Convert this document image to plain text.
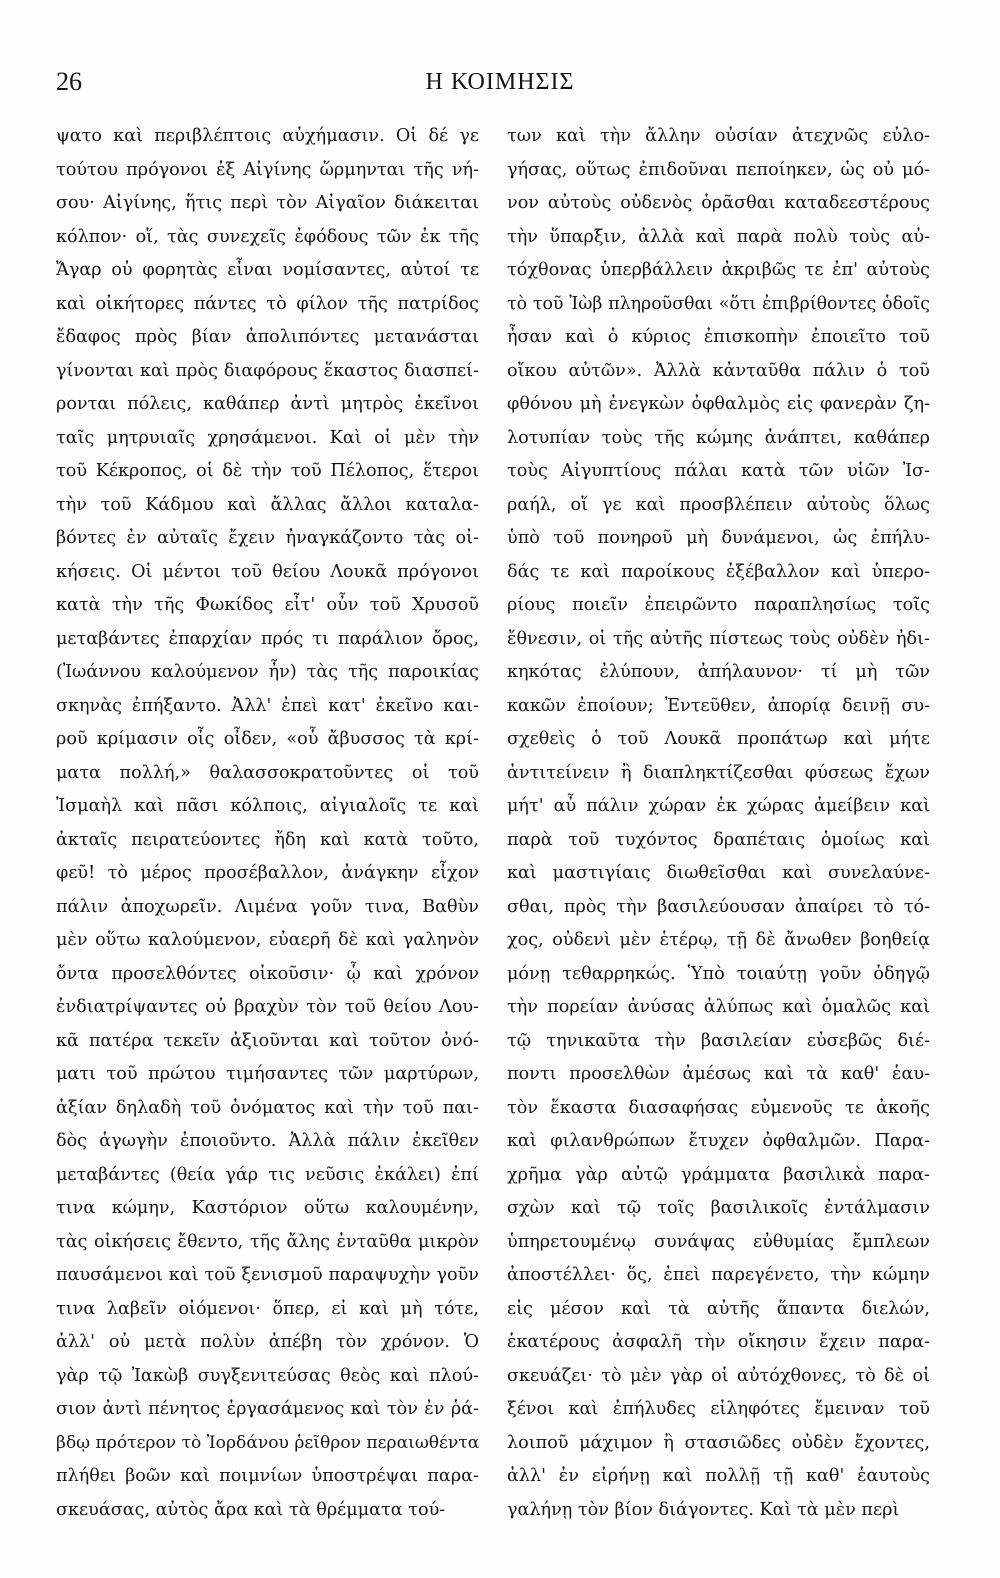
26	Η ΚΟΙΜΗΣΙΣ
ψατο καὶ περιβλέπτοις αὐχήμασιν. Οἱ δέ γε
τούτου πρόγονοι ἐξ Αἰγίνης ὥρμηνται τῆς νή-
σου· Αἰγίνης, ἥτις περὶ τὸν Αἰγαῖον διάκειται
κόλπον· οἵ, τὰς συνεχεῖς ἐφόδους τῶν ἐκ τῆς
Ἄγαρ οὐ φορητὰς εἶναι νομίσαντες, αὐτοί τε
καὶ οἰκήτορες πάντες τὸ φίλον τῆς πατρίδος
ἔδαφος πρὸς βίαν ἀπολιπόντες μετανάσται
γίνονται καὶ πρὸς διαφόρους ἕκαστος διασπεί-
ρονται πόλεις, καθάπερ ἀντὶ μητρὸς ἐκεῖνοι
ταῖς μητρυιαῖς χρησάμενοι. Καὶ οἱ μὲν τὴν
τοῦ Κέκροπος, οἱ δὲ τὴν τοῦ Πέλοπος, ἕτεροι
τὴν τοῦ Κάδμου καὶ ἄλλας ἄλλοι καταλα-
βόντες ἐν αὐταῖς ἔχειν ἠναγκάζοντο τὰς οἰ-
κήσεις. Οἱ μέντοι τοῦ θείου Λουκᾶ πρόγονοι
κατὰ τὴν τῆς Φωκίδος εἶτ' οὖν τοῦ Χρυσοῦ
μεταβάντες ἐπαρχίαν πρός τι παράλιον ὄρος,
(Ἰωάννου καλούμενον ἦν) τὰς τῆς παροικίας
σκηνὰς ἐπήξαντο. Ἀλλ' ἐπεὶ κατ' ἐκεῖνο και-
ροῦ κρίμασιν οἷς οἶδεν, «οὗ ἄβυσσος τὰ κρί-
ματα πολλή,» θαλασσοκρατοῦντες οἱ τοῦ
Ἰσμαὴλ καὶ πᾶσι κόλποις, αἰγιαλοῖς τε καὶ
ἀκταῖς πειρατεύοντες ἤδη καὶ κατὰ τοῦτο,
φεῦ! τὸ μέρος προσέβαλλον, ἀνάγκην εἶχον
πάλιν ἀποχωρεῖν. Λιμένα γοῦν τινα, Βαθὺν
μὲν οὕτω καλούμενον, εὐαερῆ δὲ καὶ γαληνὸν
ὄντα προσελθόντες οἰκοῦσιν· ᾧ καὶ χρόνον
ἐνδιατρίψαντες οὐ βραχὺν τὸν τοῦ θείου Λου-
κᾶ πατέρα τεκεῖν ἀξιοῦνται καὶ τοῦτον ὀνό-
ματι τοῦ πρώτου τιμήσαντες τῶν μαρτύρων,
ἀξίαν δηλαδὴ τοῦ ὀνόματος καὶ τὴν τοῦ παι-
δὸς ἀγωγὴν ἐποιοῦντο. Ἀλλὰ πάλιν ἐκεῖθεν
μεταβάντες (θεία γάρ τις νεῦσις ἐκάλει) ἐπί
τινα κώμην, Καστόριον οὕτω καλουμένην,
τὰς οἰκήσεις ἔθεντο, τῆς ἄλης ἐνταῦθα μικρὸν
παυσάμενοι καὶ τοῦ ξενισμοῦ παραψυχὴν γοῦν
τινα λαβεῖν οἰόμενοι· ὅπερ, εἰ καὶ μὴ τότε,
ἀλλ' οὐ μετὰ πολὺν ἀπέβη τὸν χρόνον. Ὁ
γὰρ τῷ Ἰακὼβ συγξενιτεύσας θεὸς καὶ πλού-
σιον ἀντὶ πένητος ἐργασάμενος καὶ τὸν ἐν ῥά-
βδῳ πρότερον τὸ Ἰορδάνου ῥεῖθρον περαιωθέντα
πλήθει βοῶν καὶ ποιμνίων ὑποστρέψαι παρα-
σκευάσας, αὐτὸς ἄρα καὶ τὰ θρέμματα τού-
των καὶ τὴν ἄλλην οὐσίαν ἀτεχνῶς εὐλο-
γήσας, οὕτως ἐπιδοῦναι πεποίηκεν, ὡς οὐ μό-
νον αὐτοὺς οὐδενὸς ὁρᾶσθαι καταδεεστέρους
τὴν ὕπαρξιν, ἀλλὰ καὶ παρὰ πολὺ τοὺς αὐ-
τόχθονας ὑπερβάλλειν ἀκριβῶς τε ἐπ' αὐτοὺς
τὸ τοῦ Ἰὼβ πληροῦσθαι «ὅτι ἐπιβρίθοντες ὁδοῖς
ἦσαν καὶ ὁ κύριος ἐπισκοπὴν ἐποιεῖτο τοῦ
οἴκου αὐτῶν». Ἀλλὰ κἀνταῦθα πάλιν ὁ τοῦ
φθόνου μὴ ἐνεγκὼν ὀφθαλμὸς εἰς φανερὰν ζη-
λοτυπίαν τοὺς τῆς κώμης ἀνάπτει, καθάπερ
τοὺς Αἰγυπτίους πάλαι κατὰ τῶν υἱῶν Ἰσ-
ραήλ, οἵ γε καὶ προσβλέπειν αὐτοὺς ὅλως
ὑπὸ τοῦ πονηροῦ μὴ δυνάμενοι, ὡς ἐπήλυ-
δάς τε καὶ παροίκους ἐξέβαλλον καὶ ὑπερο-
ρίους ποιεῖν ἐπειρῶντο παραπλησίως τοῖς
ἔθνεσιν, οἱ τῆς αὐτῆς πίστεως τοὺς οὐδὲν ἠδι-
κηκότας ἐλύπουν, ἀπήλαυνον· τί μὴ τῶν
κακῶν ἐποίουν; Ἐντεῦθεν, ἀπορίᾳ δεινῇ συ-
σχεθεὶς ὁ τοῦ Λουκᾶ προπάτωρ καὶ μήτε
ἀντιτείνειν ἢ διαπληκτίζεσθαι φύσεως ἔχων
μήτ' αὖ πάλιν χώραν ἐκ χώρας ἀμείβειν καὶ
παρὰ τοῦ τυχόντος δραπέταις ὁμοίως καὶ
καὶ μαστιγίαις διωθεῖσθαι καὶ συνελαύνε-
σθαι, πρὸς τὴν βασιλεύουσαν ἀπαίρει τὸ τό-
χος, οὐδενὶ μὲν ἑτέρῳ, τῇ δὲ ἄνωθεν βοηθείᾳ
μόνῃ τεθαρρηκώς. Ὑπὸ τοιαύτῃ γοῦν ὁδηγῷ
τὴν πορείαν ἀνύσας ἀλύπως καὶ ὁμαλῶς καὶ
τῷ τηνικαῦτα τὴν βασιλείαν εὐσεβῶς διέ-
ποντι προσελθὼν ἀμέσως καὶ τὰ καθ' ἑαυ-
τὸν ἕκαστα διασαφήσας εὐμενοῦς τε ἀκοῆς
καὶ φιλανθρώπων ἔτυχεν ὀφθαλμῶν. Παρα-
χρῆμα γὰρ αὐτῷ γράμματα βασιλικὰ παρα-
σχὼν καὶ τῷ τοῖς βασιλικοῖς ἐντάλμασιν
ὑπηρετουμένῳ συνάψας εὐθυμίας ἔμπλεων
ἀποστέλλει· ὅς, ἐπεὶ παρεγένετο, τὴν κώμην
εἰς μέσον καὶ τὰ αὐτῆς ἅπαντα διελών,
ἑκατέρους ἀσφαλῆ τὴν οἴκησιν ἔχειν παρα-
σκευάζει· τὸ μὲν γὰρ οἱ αὐτόχθονες, τὸ δὲ οἱ
ξένοι καὶ ἐπήλυδες εἰληφότες ἔμειναν τοῦ
λοιποῦ μάχιμον ἢ στασιῶδες οὐδὲν ἔχοντες,
ἀλλ' ἐν εἰρήνῃ καὶ πολλῇ τῇ καθ' ἑαυτοὺς
γαλήνῃ τὸν βίον διάγοντες. Καὶ τὰ μὲν περὶ
